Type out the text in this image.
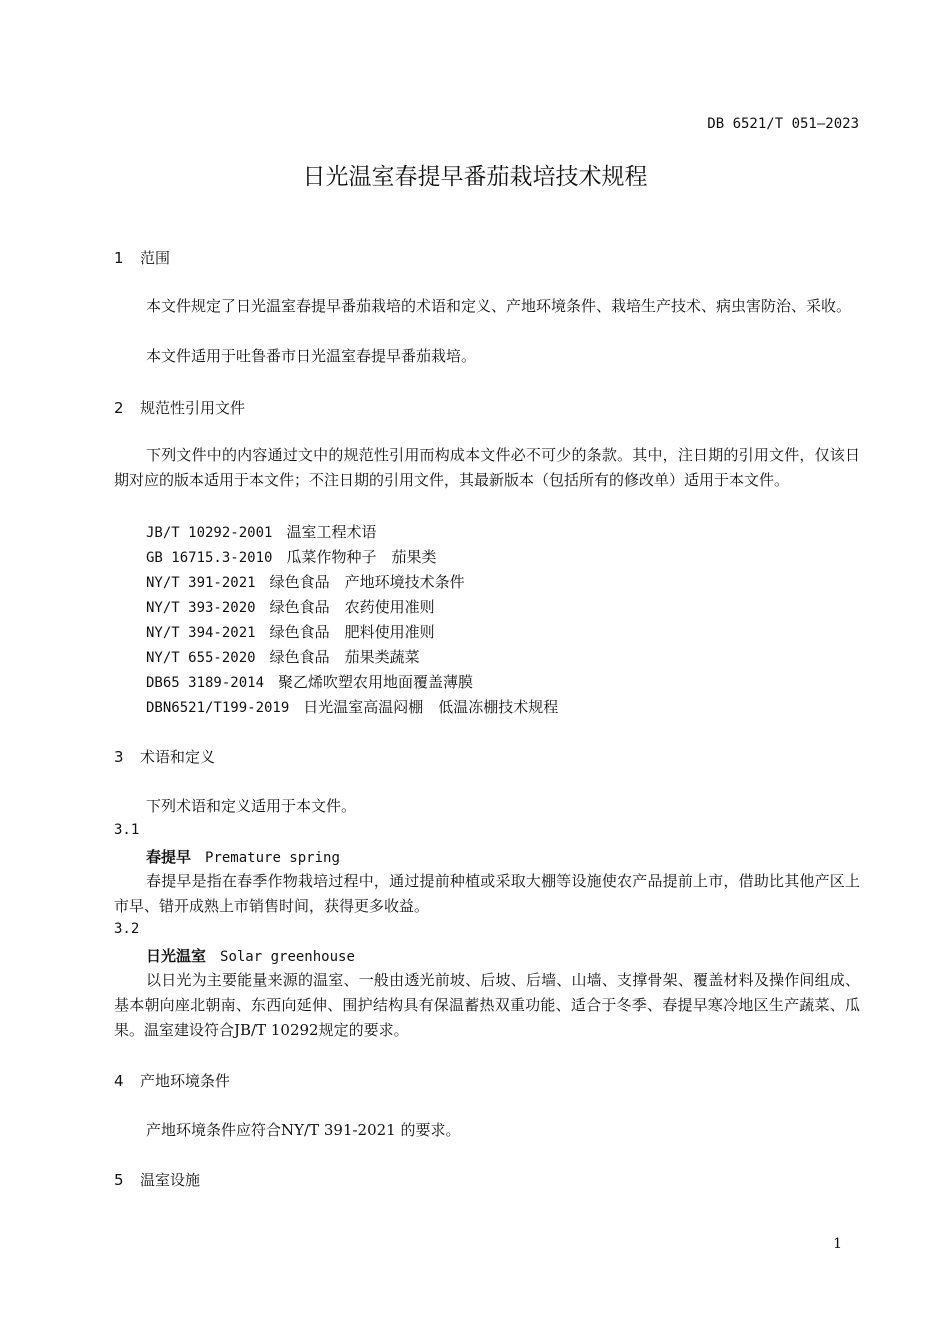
DB 6521/T 051—2023
日光温室春提早番茄栽培技术规程
1 范围
本文件规定了日光温室春提早番茄栽培的术语和定义、产地环境条件、栽培生产技术、病虫害防治、采收。
本文件适用于吐鲁番市日光温室春提早番茄栽培。
2 规范性引用文件
下列文件中的内容通过文中的规范性引用而构成本文件必不可少的条款。其中，注日期的引用文件，仅该日期对应的版本适用于本文件；不注日期的引用文件，其最新版本（包括所有的修改单）适用于本文件。
JB/T 10292-2001 温室工程术语
GB 16715.3-2010 瓜菜作物种子　茄果类
NY/T 391-2021 绿色食品　产地环境技术条件
NY/T 393-2020 绿色食品　农药使用准则
NY/T 394-2021 绿色食品　肥料使用准则
NY/T 655-2020 绿色食品　茄果类蔬菜
DB65 3189-2014 聚乙烯吹塑农用地面覆盖薄膜
DBN6521/T199-2019 日光温室高温闷棚　低温冻棚技术规程
3 术语和定义
下列术语和定义适用于本文件。
3.1
春提早 Premature spring
春提早是指在春季作物栽培过程中，通过提前种植或采取大棚等设施使农产品提前上市，借助比其他产区上市早、错开成熟上市销售时间，获得更多收益。
3.2
日光温室 Solar greenhouse
以日光为主要能量来源的温室、一般由透光前坡、后坡、后墙、山墙、支撑骨架、覆盖材料及操作间组成、基本朝向座北朝南、东西向延伸、围护结构具有保温蓄热双重功能、适合于冬季、春提早寒冷地区生产蔬菜、瓜果。温室建设符合JB/T 10292规定的要求。
4 产地环境条件
产地环境条件应符合NY/T 391-2021 的要求。
5 温室设施
1
